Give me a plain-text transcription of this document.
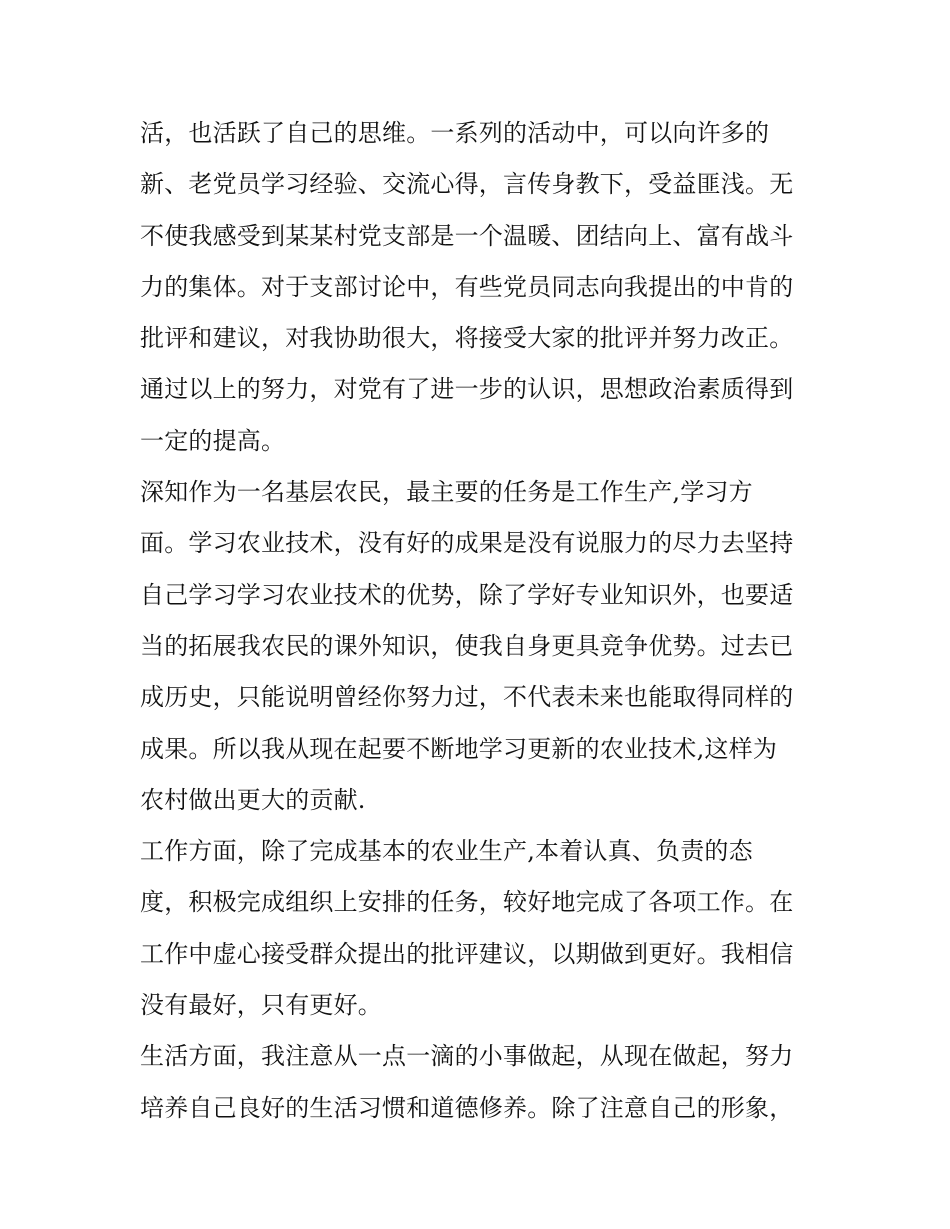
活，也活跃了自己的思维。一系列的活动中，可以向许多的
新、老党员学习经验、交流心得，言传身教下，受益匪浅。无
不使我感受到某某村党支部是一个温暖、团结向上、富有战斗
力的集体。对于支部讨论中，有些党员同志向我提出的中肯的
批评和建议，对我协助很大，将接受大家的批评并努力改正。
通过以上的努力，对党有了进一步的认识，思想政治素质得到
一定的提高。
深知作为一名基层农民，最主要的任务是工作生产,学习方
面。学习农业技术，没有好的成果是没有说服力的尽力去坚持
自己学习学习农业技术的优势，除了学好专业知识外，也要适
当的拓展我农民的课外知识，使我自身更具竞争优势。过去已
成历史，只能说明曾经你努力过，不代表未来也能取得同样的
成果。所以我从现在起要不断地学习更新的农业技术,这样为
农村做出更大的贡献.
工作方面，除了完成基本的农业生产,本着认真、负责的态
度，积极完成组织上安排的任务，较好地完成了各项工作。在
工作中虚心接受群众提出的批评建议，以期做到更好。我相信
没有最好，只有更好。
生活方面，我注意从一点一滴的小事做起，从现在做起，努力
培养自己良好的生活习惯和道德修养。除了注意自己的形象，
